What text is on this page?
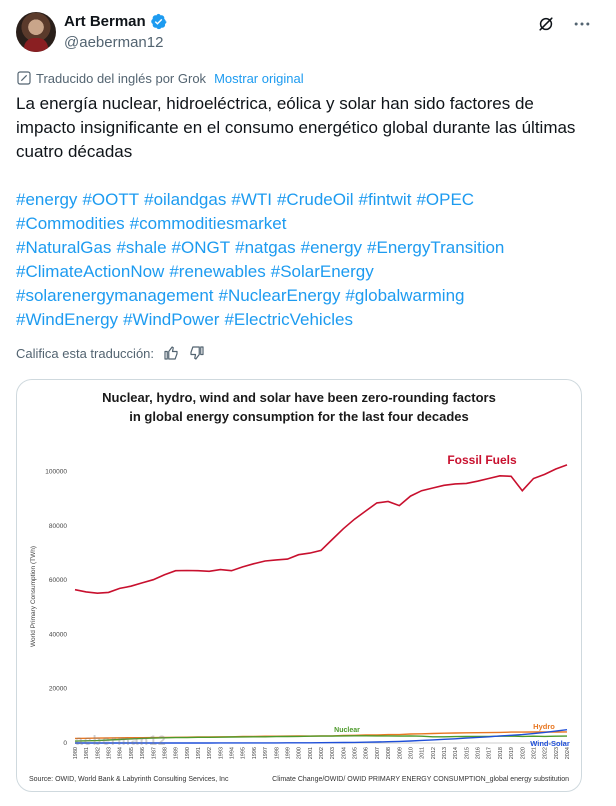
Art Berman
@aeberman12
Traducido del inglés por Grok Mostrar original
La energía nuclear, hidroeléctrica, eólica y solar han sido factores de impacto insignificante en el consumo energético global durante las últimas cuatro décadas
#energy #OOTT #oilandgas #WTI #CrudeOil #fintwit #OPEC
#Commodities #commoditiesmarket
#NaturalGas #shale #ONGT #natgas #energy #EnergyTransition
#ClimateActionNow #renewables #SolarEnergy
#solarenergymanagement #NuclearEnergy #globalwarming
#WindEnergy #WindPower #ElectricVehicles
Califica esta traducción:
0
20000
40000
60000
80000
100000
World Primary Consumption (TWh)
1980 1981 1982 1983 1984 1985 1986 1987 1988 1989 1990 1991 1992 1993 1994 1995 1996 1997 1998 1999 2000 2001 2002 2003 2004 2005 2006 2007 2008 2009 2010 2011 2012 2013 2014 2015 2016 2017 2018 2019 2020 2021 2022 2023 2024
Fossil Fuels
Nuclear	Hydro
Wind-Solar
Nuclear, hydro, wind and solar have been zero-rounding factors in global energy consumption for the last four decades
aeberman12
Source: OWID, World Bank & Labyrinth Consulting Services, Inc	Climate Change/OWID/ OWID PRIMARY ENERGY CONSUMPTION_global energy substitution
